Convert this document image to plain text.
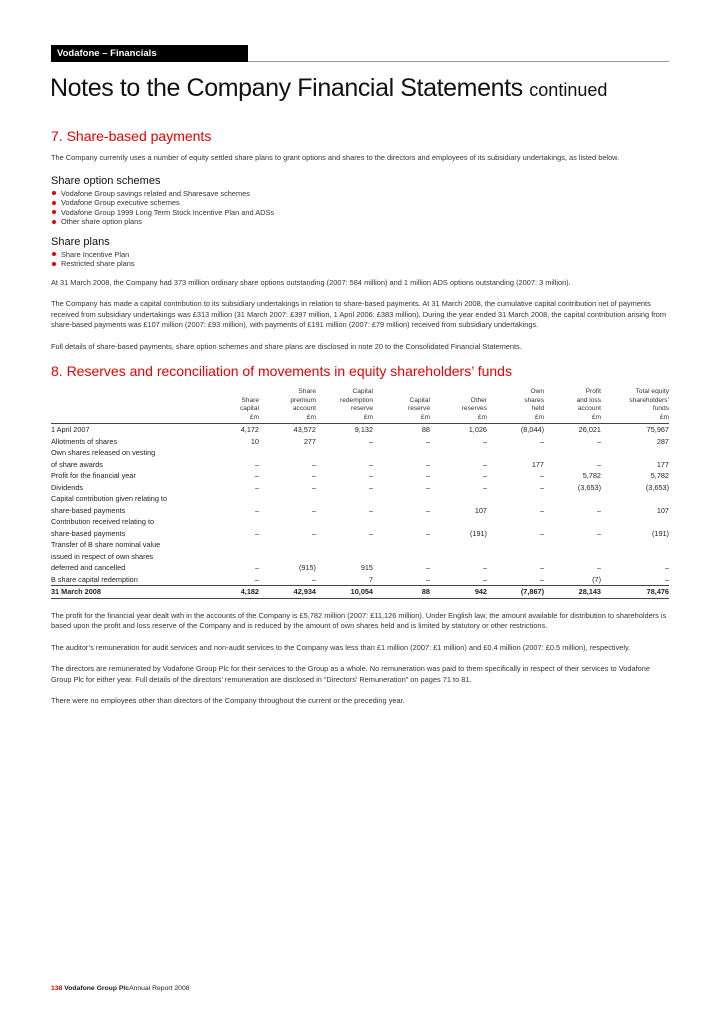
Vodafone – Financials
Notes to the Company Financial Statements continued
7. Share-based payments

The Company currently uses a number of equity settled share plans to grant options and shares to the directors and employees of its subsidiary undertakings, as listed below.

Share option schemes
Vodafone Group savings related and Sharesave schemes
Vodafone Group executive schemes
Vodafone Group 1999 Long Term Stock Incentive Plan and ADSs
Other share option plans
Share plans
Share Incentive Plan
Restricted share plans

At 31 March 2008, the Company had 373 million ordinary share options outstanding (2007: 584 million) and 1 million ADS options outstanding (2007: 3 million).

The Company has made a capital contribution to its subsidiary undertakings in relation to share-based payments. At 31 March 2008, the cumulative capital contribution net of payments received from subsidiary undertakings was £313 million (31 March 2007: £397 million, 1 April 2006: £383 million). During the year ended 31 March 2008, the capital contribution arising from share-based payments was £107 million (2007: £93 million), with payments of £191 million (2007: £79 million) received from subsidiary undertakings.

Full details of share-based payments, share option schemes and share plans are disclosed in note 20 to the Consolidated Financial Statements.

8. Reserves and reconciliation of movements in equity shareholders’ funds

Share
capital
£m	Share
premium
account
£m	Capital
redemption
reserve
£m	Capital
reserve
£m	Other
reserves
£m	Own
shares
held
£m	Profit
and loss
account
£m	Total equity
shareholders’
funds
£m
1 April 2007	4,172	43,572	9,132	88	1,026	(8,044)	26,021	75,967
Allotments of shares	10	277	–	–	–	–	–	287
Own shares released on vesting								
of share awards	–	–	–	–	–	177	–	177
Profit for the financial year	–	–	–	–	–	–	5,782	5,782
Dividends	–	–	–	–	–	–	(3,653)	(3,653)
Capital contribution given relating to								
share-based payments	–	–	–	–	107	–	–	107
Contribution received relating to								
share-based payments	–	–	–	–	(191)	–	–	(191)
Transfer of B share nominal value								
issued in respect of own shares								
deferred and cancelled	–	(915)	915	–	–	–	–	–
B share capital redemption	–	–	7	–	–	–	(7)	–
31 March 2008	4,182	42,934	10,054	88	942	(7,867)	28,143	78,476

The profit for the financial year dealt with in the accounts of the Company is £5,782 million (2007: £11,126 million). Under English law, the amount available for distribution to shareholders is based upon the profit and loss reserve of the Company and is reduced by the amount of own shares held and is limited by statutory or other restrictions.

The auditor’s remuneration for audit services and non-audit services to the Company was less than £1 million (2007: £1 million) and £0.4 million (2007: £0.5 million), respectively.

The directors are remunerated by Vodafone Group Plc for their services to the Group as a whole. No remuneration was paid to them specifically in respect of their services to Vodafone Group Plc for either year. Full details of the directors’ remuneration are disclosed in “Directors’ Remuneration” on pages 71 to 81.

There were no employees other than directors of the Company throughout the current or the preceding year.

138 Vodafone Group PlcAnnual Report 2008
